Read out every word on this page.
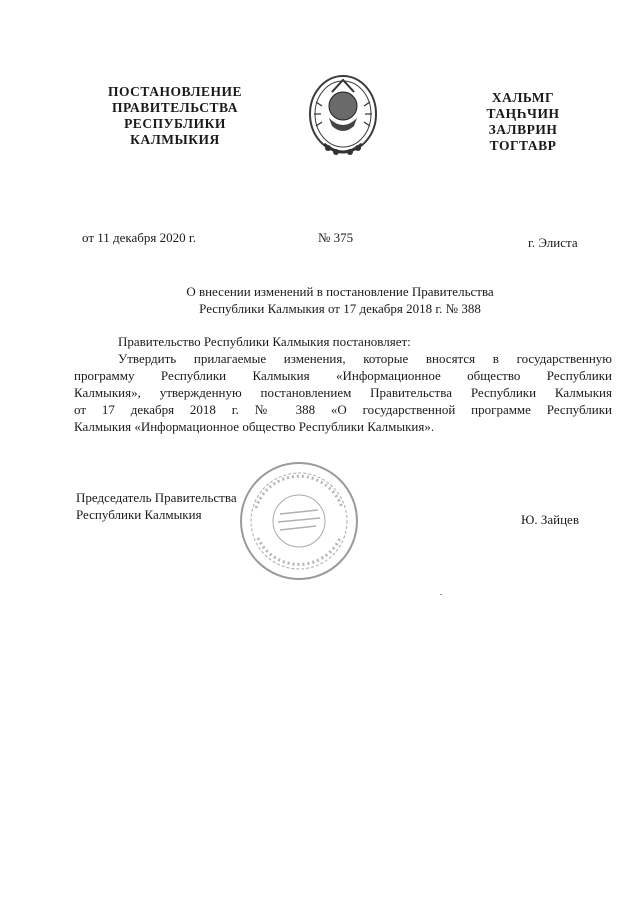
ПОСТАНОВЛЕНИЕ
ПРАВИТЕЛЬСТВА
РЕСПУБЛИКИ
КАЛМЫКИЯ
ХАЛЬМГ
ТАҢҺЧИН
ЗАЛВРИН
ТОГТАВР
от 11 декабря 2020 г.	№ 375	г. Элиста
О внесении изменений в постановление Правительства
Республики Калмыкия от 17 декабря 2018 г. № 388
Правительство Республики Калмыкия постановляет:
Утвердить прилагаемые изменения, которые вносятся в государственную
программу Республики Калмыкия «Информационное общество Республики
Калмыкия», утвержденную постановлением Правительства Республики Калмыкия
от 17 декабря 2018 г. № 388 «О государственной программе Республики
Калмыкия «Информационное общество Республики Калмыкия».
Председатель Правительства
Республики Калмыкия	Ю. Зайцев
